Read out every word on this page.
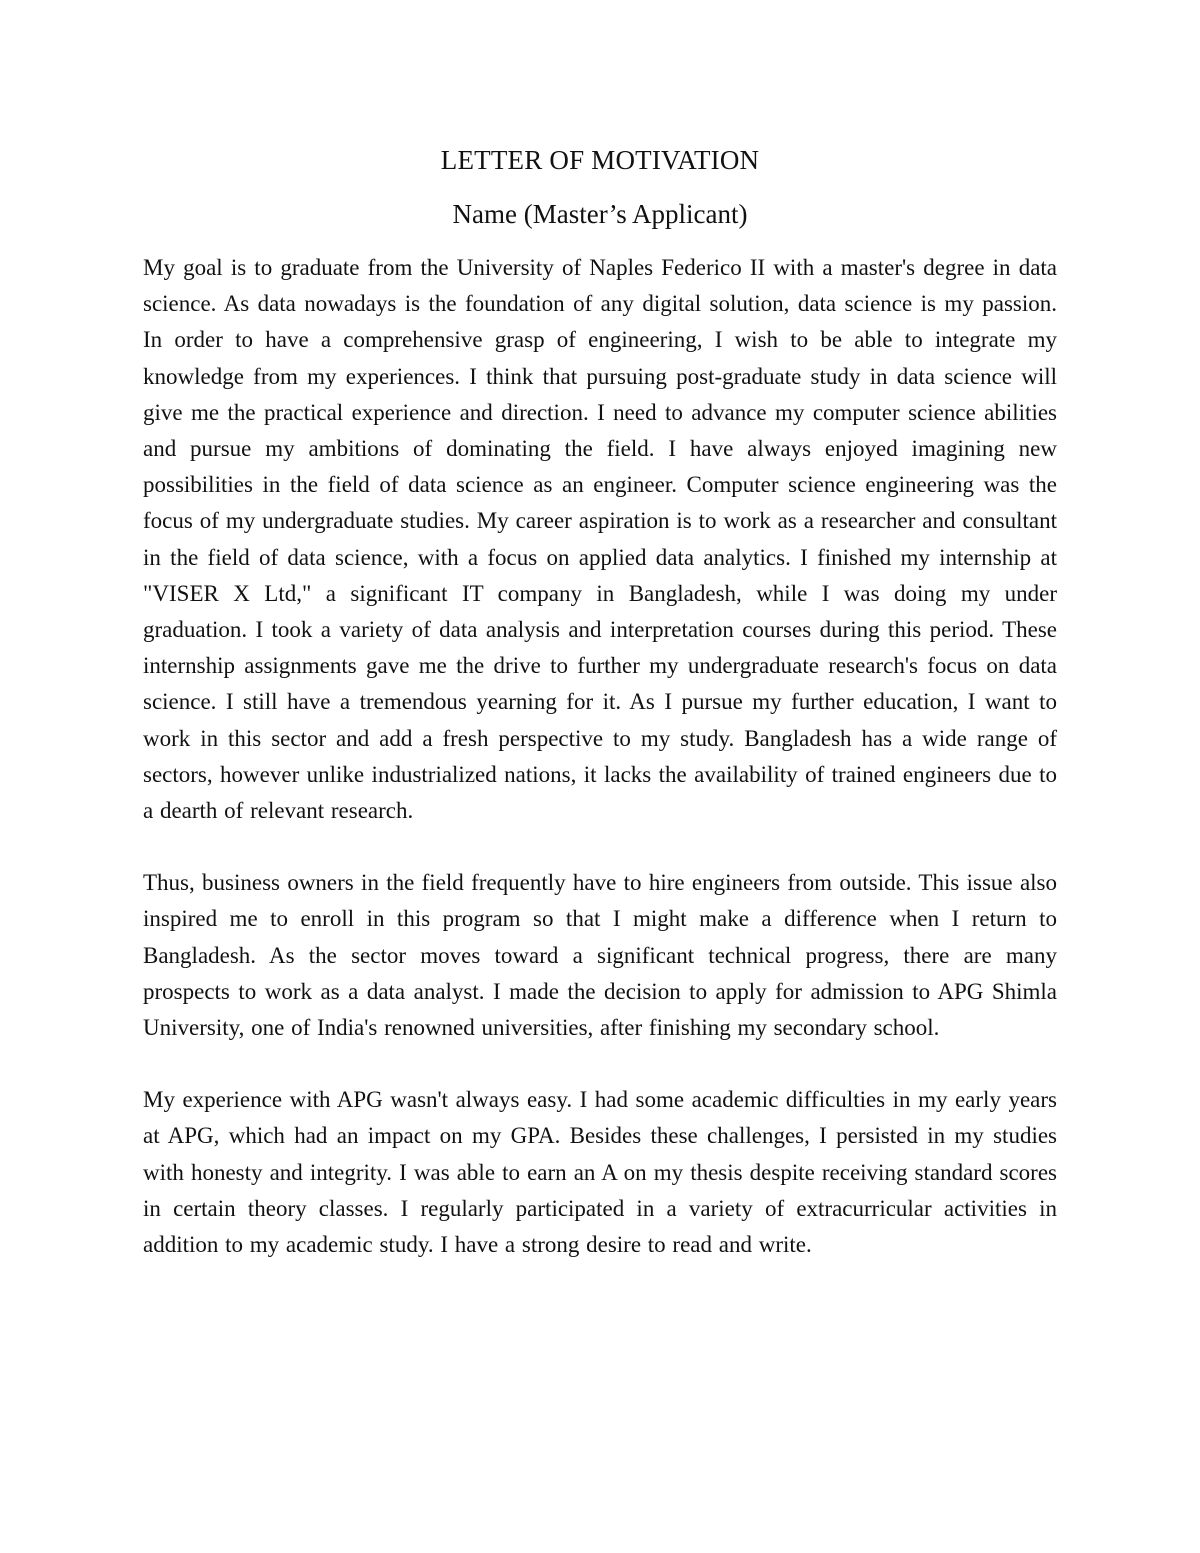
LETTER OF MOTIVATION
Name (Master’s Applicant)

My goal is to graduate from the University of Naples Federico II with a master's degree in data science. As data nowadays is the foundation of any digital solution, data science is my passion. In order to have a comprehensive grasp of engineering, I wish to be able to integrate my knowledge from my experiences. I think that pursuing post-graduate study in data science will give me the practical experience and direction. I need to advance my computer science abilities and pursue my ambitions of dominating the field. I have always enjoyed imagining new possibilities in the field of data science as an engineer. Computer science engineering was the focus of my undergraduate studies. My career aspiration is to work as a researcher and consultant in the field of data science, with a focus on applied data analytics. I finished my internship at "VISER X Ltd," a significant IT company in Bangladesh, while I was doing my under graduation. I took a variety of data analysis and interpretation courses during this period. These internship assignments gave me the drive to further my undergraduate research's focus on data science. I still have a tremendous yearning for it. As I pursue my further education, I want to work in this sector and add a fresh perspective to my study. Bangladesh has a wide range of sectors, however unlike industrialized nations, it lacks the availability of trained engineers due to a dearth of relevant research.

Thus, business owners in the field frequently have to hire engineers from outside. This issue also inspired me to enroll in this program so that I might make a difference when I return to Bangladesh. As the sector moves toward a significant technical progress, there are many prospects to work as a data analyst. I made the decision to apply for admission to APG Shimla University, one of India's renowned universities, after finishing my secondary school.

My experience with APG wasn't always easy. I had some academic difficulties in my early years at APG, which had an impact on my GPA. Besides these challenges, I persisted in my studies with honesty and integrity. I was able to earn an A on my thesis despite receiving standard scores in certain theory classes. I regularly participated in a variety of extracurricular activities in addition to my academic study. I have a strong desire to read and write.
